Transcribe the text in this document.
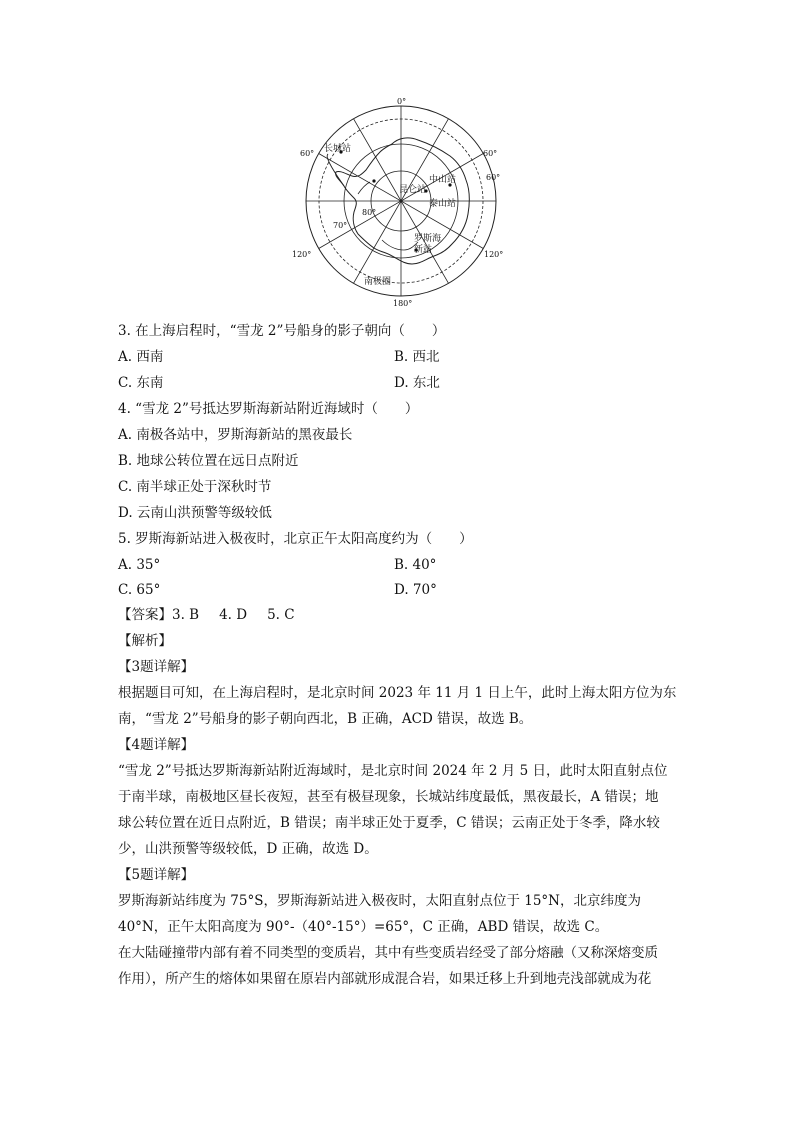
0°
180°
60°	60°
60°
120°	120°
80°
70°
长城站
中山站
昆仑站
泰山站
罗斯海
新站
南极圈
3. 在上海启程时，“雪龙 2”号船身的影子朝向（　　）
A. 西南	B. 西北
C. 东南	D. 东北
4. “雪龙 2”号抵达罗斯海新站附近海域时（　　）
A. 南极各站中，罗斯海新站的黑夜最长
B. 地球公转位置在远日点附近
C. 南半球正处于深秋时节
D. 云南山洪预警等级较低
5. 罗斯海新站进入极夜时，北京正午太阳高度约为（　　）
A. 35°	B. 40°
C. 65°	D. 70°
【答案】3. B 4. D 5. C
【解析】
【3题详解】
根据题目可知，在上海启程时，是北京时间 2023 年 11 月 1 日上午，此时上海太阳方位为东
南，“雪龙 2”号船身的影子朝向西北，B 正确，ACD 错误，故选 B。
【4题详解】
“雪龙 2”号抵达罗斯海新站附近海域时，是北京时间 2024 年 2 月 5 日，此时太阳直射点位
于南半球，南极地区昼长夜短，甚至有极昼现象，长城站纬度最低，黑夜最长，A 错误；地
球公转位置在近日点附近，B 错误；南半球正处于夏季，C 错误；云南正处于冬季，降水较
少，山洪预警等级较低，D 正确，故选 D。
【5题详解】
罗斯海新站纬度为 75°S，罗斯海新站进入极夜时，太阳直射点位于 15°N，北京纬度为
40°N，正午太阳高度为 90°-（40°-15°）=65°，C 正确，ABD 错误，故选 C。
在大陆碰撞带内部有着不同类型的变质岩，其中有些变质岩经受了部分熔融（又称深熔变质
作用），所产生的熔体如果留在原岩内部就形成混合岩，如果迁移上升到地壳浅部就成为花
